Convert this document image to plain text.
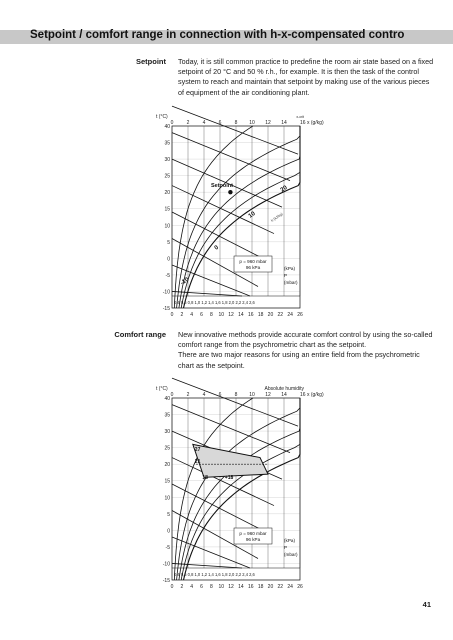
Setpoint / comfort range in connection with h-x-compensated contro
Setpoint Today, it is still common practice to predefine the room air state based on a fixed setpoint of 20 °C and 50 % r.h., for example. It is then the task of the control system to reach and maintain that setpoint by making use of the various pieces of equipment of the air conditioning plant.

t (°C)	x-crit
0	2	4	6	8 10 12 14	16 x (g/kg)
40
35
30
25
20
15
10
5
0
-5
-10
-15
0,4 0,6 0,8 1,0 1,2 1,4 1,6 1,8 2,0 2,2 2,4 2,6
0 2 4 6 8 10 12 14 16 18 20 22 24 26
p = 960 mbar
96 kPa	(kPa)
P
(mbar)
Setpoint
-10
0
10
20
h (kJ/kg)
Comfort range New innovative methods provide accurate comfort control by using the so-called comfort range from the psychrometric chart as the setpoint.

There are two major reasons for using an entire field from the psychrometric chart as the setpoint.

t (°C)	Absolute humidity
0	2	4	6	8 10 12 14	16 x (g/kg)
40
35
30
25
20
15
10
5
0
-5
-10
-15
0,4 0,6 0,8 1,0 1,2 1,4 1,6 1,8 2,0 2,2 2,4 2,6
0 2 4 6 8 10 12 14 16 18 20 22 24 26
p = 960 mbar
96 kPa	(kPa)
P
(mbar)
27
21
18	+18
41
